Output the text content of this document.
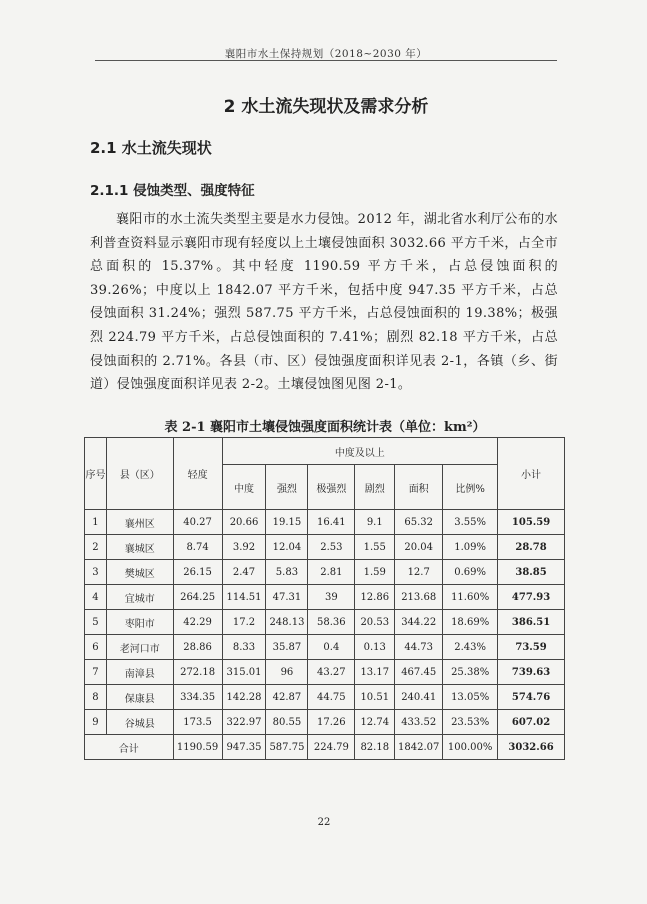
襄阳市水土保持规划（2018~2030 年）
2 水土流失现状及需求分析
2.1 水土流失现状
2.1.1 侵蚀类型、强度特征
襄阳市的水土流失类型主要是水力侵蚀。2012 年，湖北省水利厅公布的水利普查资料显示襄阳市现有轻度以上土壤侵蚀面积 3032.66 平方千米，占全市总面积的 15.37%。其中轻度 1190.59 平方千米，占总侵蚀面积的 39.26%；中度以上 1842.07 平方千米，包括中度 947.35 平方千米，占总侵蚀面积 31.24%；强烈 587.75 平方千米，占总侵蚀面积的 19.38%；极强烈 224.79 平方千米，占总侵蚀面积的 7.41%；剧烈 82.18 平方千米，占总侵蚀面积的 2.71%。各县（市、区）侵蚀强度面积详见表 2-1，各镇（乡、街道）侵蚀强度面积详见表 2-2。土壤侵蚀图见图 2-1。
表 2-1 襄阳市土壤侵蚀强度面积统计表（单位：km²）
序号	县（区）	轻度	中度及以上						小计
			中度	强烈	极强烈	剧烈	面积	比例%	
1	襄州区	40.27	20.66	19.15	16.41	9.1	65.32	3.55%	105.59
2	襄城区	8.74	3.92	12.04	2.53	1.55	20.04	1.09%	28.78
3	樊城区	26.15	2.47	5.83	2.81	1.59	12.7	0.69%	38.85
4	宜城市	264.25	114.51	47.31	39	12.86	213.68	11.60%	477.93
5	枣阳市	42.29	17.2	248.13	58.36	20.53	344.22	18.69%	386.51
6	老河口市	28.86	8.33	35.87	0.4	0.13	44.73	2.43%	73.59
7	南漳县	272.18	315.01	96	43.27	13.17	467.45	25.38%	739.63
8	保康县	334.35	142.28	42.87	44.75	10.51	240.41	13.05%	574.76
9	谷城县	173.5	322.97	80.55	17.26	12.74	433.52	23.53%	607.02
合计		1190.59	947.35	587.75	224.79	82.18	1842.07	100.00%	3032.66
22
